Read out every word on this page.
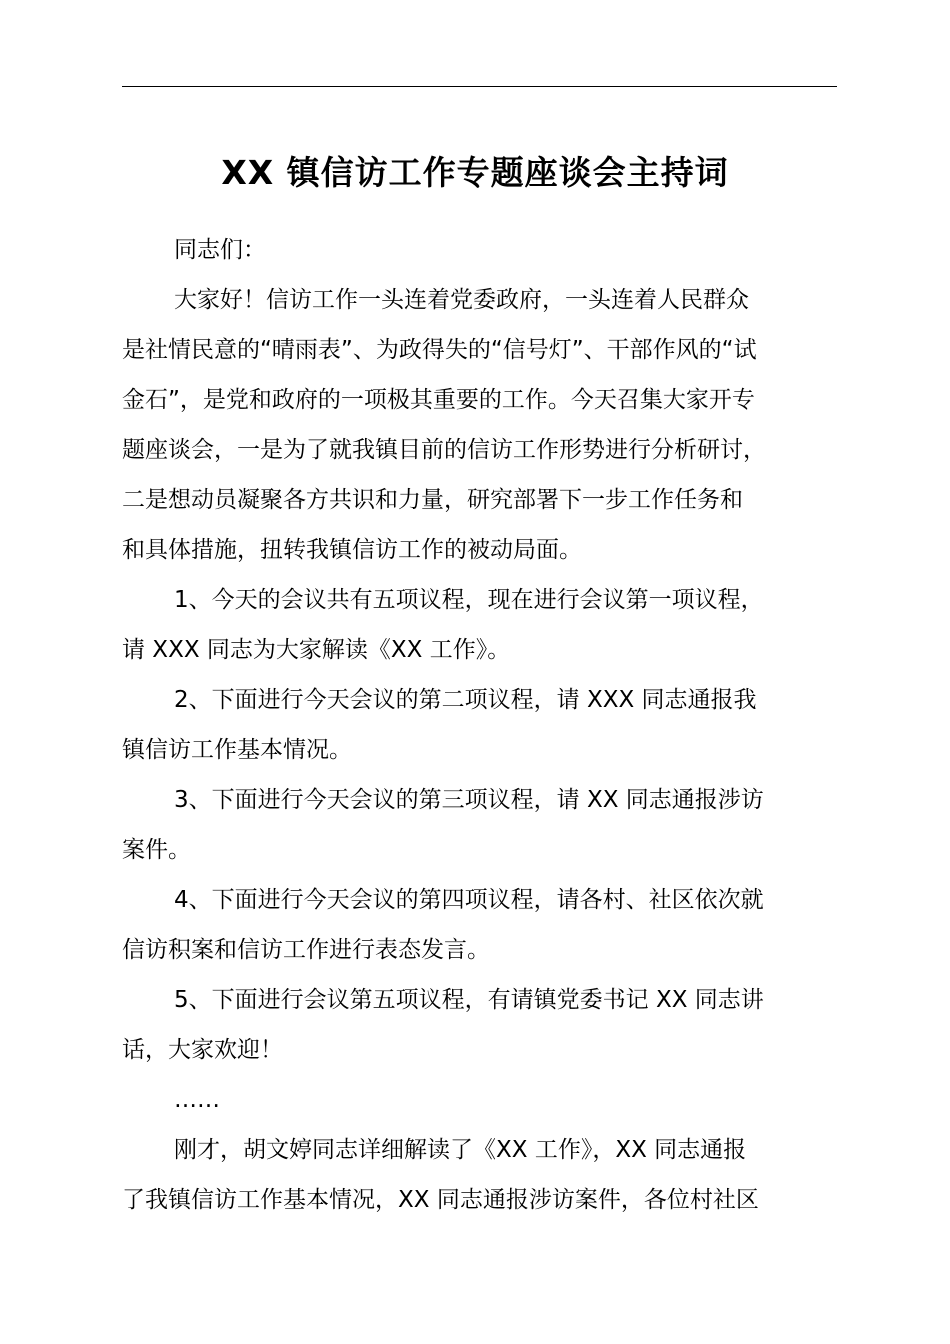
XX 镇信访工作专题座谈会主持词
同志们：
大家好！信访工作一头连着党委政府，一头连着人民群众
是社情民意的“晴雨表”、为政得失的“信号灯”、干部作风的“试
金石”，是党和政府的一项极其重要的工作。今天召集大家开专
题座谈会，一是为了就我镇目前的信访工作形势进行分析研讨，
二是想动员凝聚各方共识和力量，研究部署下一步工作任务和
和具体措施，扭转我镇信访工作的被动局面。
1、今天的会议共有五项议程，现在进行会议第一项议程，
请 XXX 同志为大家解读《XX 工作》。
2、下面进行今天会议的第二项议程，请 XXX 同志通报我
镇信访工作基本情况。
3、下面进行今天会议的第三项议程，请 XX 同志通报涉访
案件。
4、下面进行今天会议的第四项议程，请各村、社区依次就
信访积案和信访工作进行表态发言。
5、下面进行会议第五项议程，有请镇党委书记 XX 同志讲
话，大家欢迎！
……
刚才，胡文婷同志详细解读了《XX 工作》，XX 同志通报
了我镇信访工作基本情况，XX 同志通报涉访案件，各位村社区
